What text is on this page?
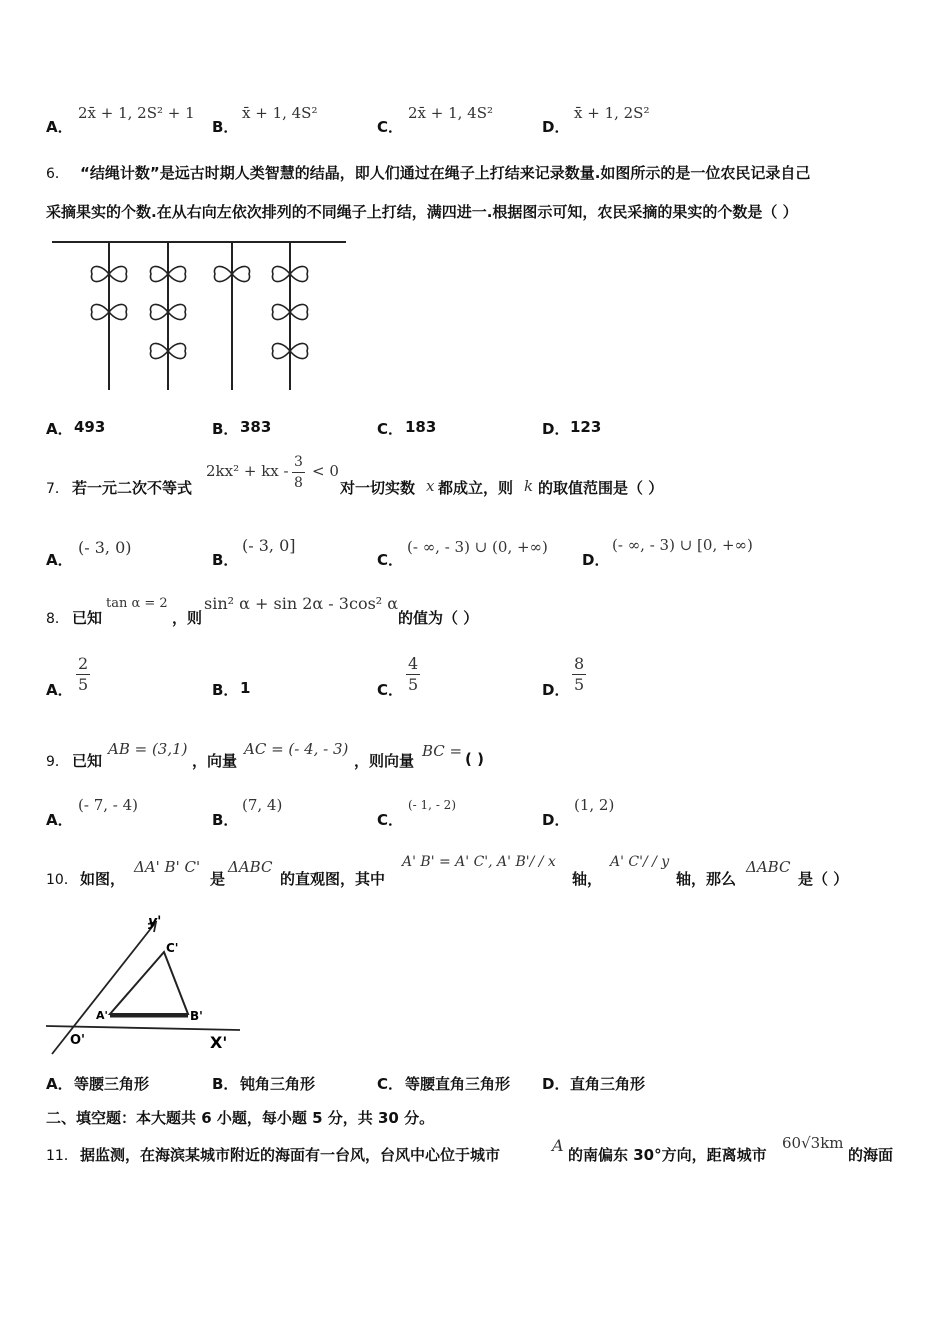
A．
2x̄ + 1, 2S² + 1
B．
x̄ + 1, 4S²
C．
2x̄ + 1, 4S²
D．
x̄ + 1, 2S²
6． “结绳计数”是远古时期人类智慧的结晶，即人们通过在绳子上打结来记录数量.如图所示的是一位农民记录自己
采摘果实的个数.在从右向左依次排列的不同绳子上打结，满四进一.根据图示可知，农民采摘的果实的个数是（ ）
A． 493	B． 383	C． 183	D． 123
7． 若一元二次不等式
2kx² + kx - $\frac{3}{8} < 0$
对一切实数 x 都成立，则 k 的取值范围是（ ）
A．
(- 3, 0)
B．
(- 3, 0]
C．
(- ∞, - 3) ∪ (0, +∞)
D．
(- ∞, - 3) ∪ [0, +∞)
8． 已知
tan α = 2
，则
sin² α + sin 2α - 3cos² α
的值为（ ）
A． $\frac{2}{5}$	B． 1	C． $\frac{4}{5}$	D． $\frac{8}{5}$
9． 已知
AB = (3,1)
，向量
AC = (- 4, - 3)
，则向量
BC = ( )
A．
(- 7, - 4)
B．
(7, 4)
C．
(- 1, - 2)
D．
(1, 2)
10． 如图，
ΔA' B' C'
是
ΔABC
的直观图，其中
A' B' = A' C', A' B'/ / x
轴，
A' C'/ / y
轴，那么
ΔABC
是（ ）
y'
C'
A'	B'
O'	X'
A． 等腰三角形	B． 钝角三角形	C． 等腰直角三角形 D． 直角三角形
二、填空题：本大题共 6 小题，每小题 5 分，共 30 分。
11． 据监测，在海滨某城市附近的海面有一台风，台风中心位于城市	A 的南偏东 30°方向，距离城市
60√3km
的海面
